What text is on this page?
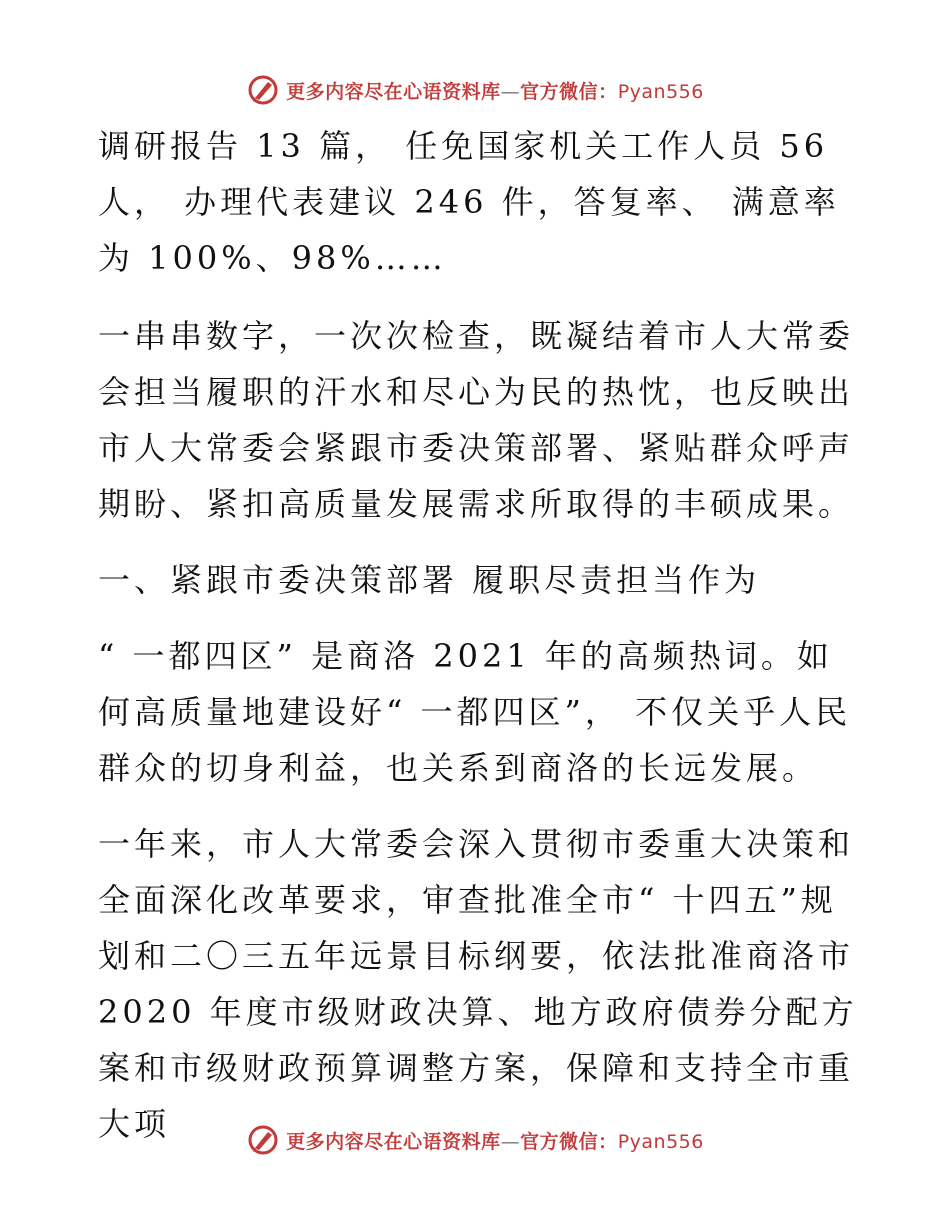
更多内容尽在心语资料库—官方微信：Pyan556

调研报告 13 篇， 任免国家机关工作人员 56 人， 办理代表建议 246 件，答复率、 满意率为 100%、98%……

一串串数字，一次次检查，既凝结着市人大常委会担当履职的汗水和尽心为民的热忱，也反映出市人大常委会紧跟市委决策部署、紧贴群众呼声期盼、紧扣高质量发展需求所取得的丰硕成果。

一、紧跟市委决策部署 履职尽责担当作为

“ 一都四区” 是商洛 2021 年的高频热词。如何高质量地建设好“ 一都四区”， 不仅关乎人民群众的切身利益，也关系到商洛的长远发展。

一年来，市人大常委会深入贯彻市委重大决策和全面深化改革要求，审查批准全市“ 十四五”规划和二〇三五年远景目标纲要，依法批准商洛市 2020 年度市级财政决算、地方政府债券分配方案和市级财政预算调整方案，保障和支持全市重大项	更多内容尽在心语资料库—官方微信：Pyan556
